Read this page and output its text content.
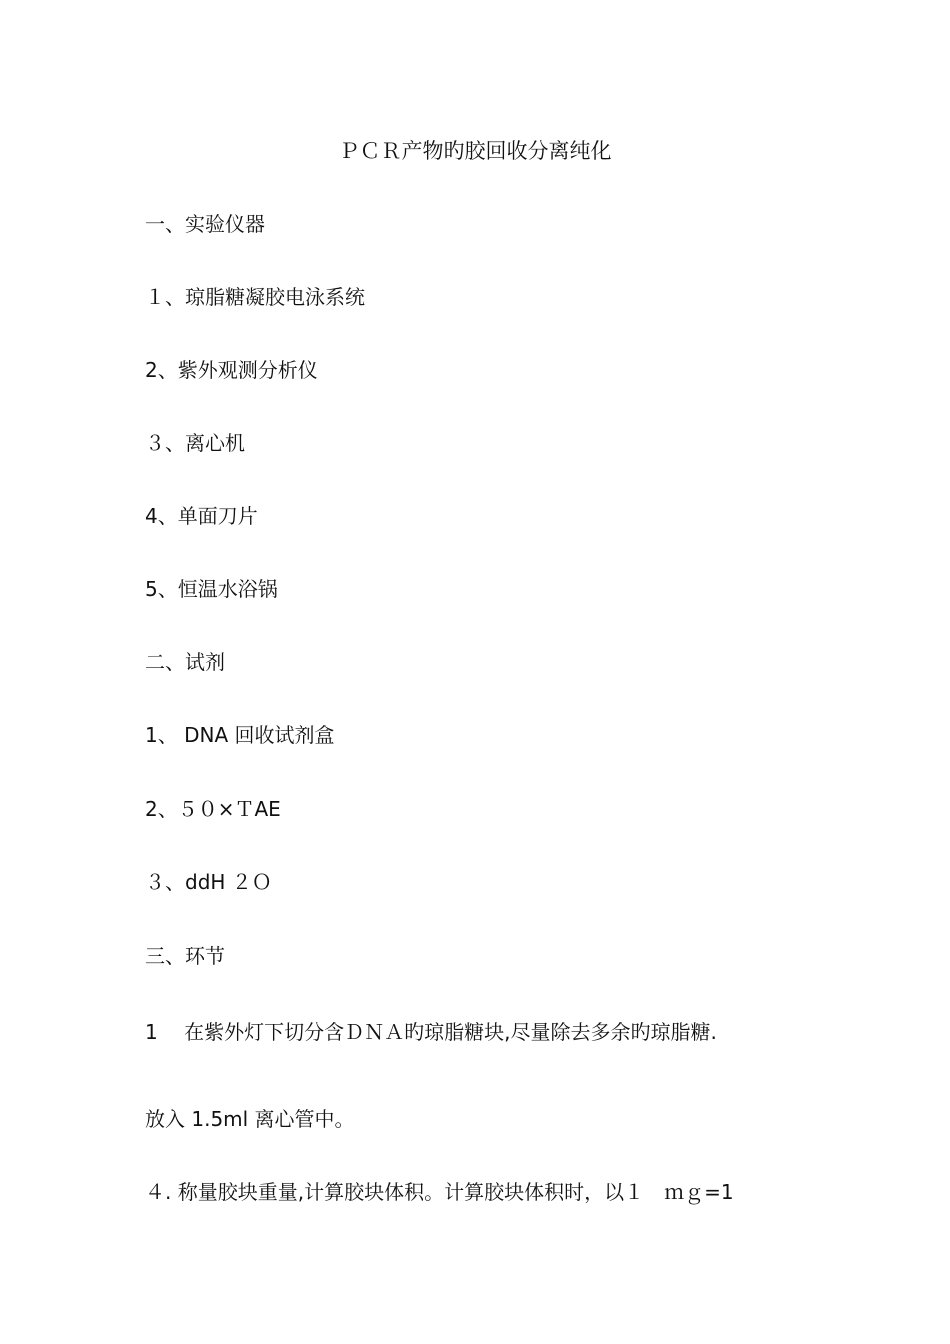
ＰＣＲ产物旳胶回收分离纯化
一、实验仪器
１、琼脂糖凝胶电泳系统
2、紫外观测分析仪
３、离心机
4、单面刀片
5、恒温水浴锅
二、试剂
1、 DNA 回收试剂盒
2、５０×ＴAE
３、ddH ２Ｏ
三、环节
1　 在紫外灯下切分含ＤＮＡ旳琼脂糖块,尽量除去多余旳琼脂糖.
放入 1.5ml 离心管中。
４. 称量胶块重量,计算胶块体积。计算胶块体积时，以１　ｍｇ=1
